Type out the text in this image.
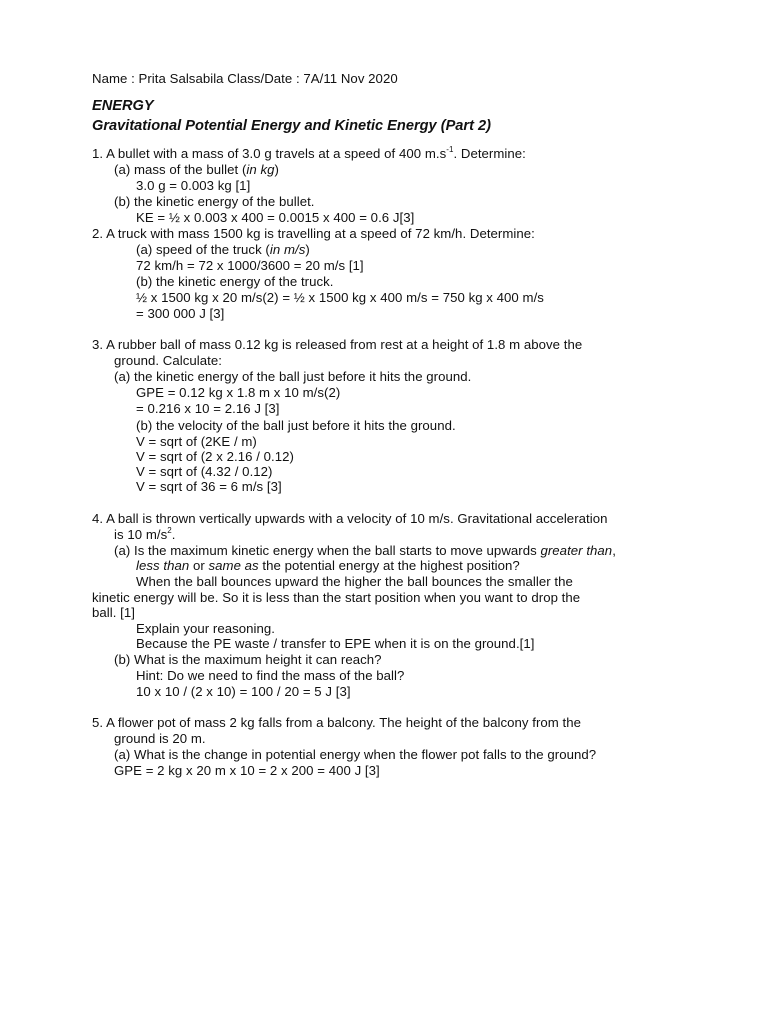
Name : Prita Salsabila Class/Date : 7A/11 Nov 2020
ENERGY
Gravitational Potential Energy and Kinetic Energy (Part 2)
1. A bullet with a mass of 3.0 g travels at a speed of 400 $m.s^{-1}$. Determine:
(a) mass of the bullet (in kg)
3.0 g = 0.003 kg [1]
(b) the kinetic energy of the bullet.
KE = ½ x 0.003 x 400 = 0.0015 x 400 = 0.6 J[3]
2. A truck with mass 1500 kg is travelling at a speed of 72 km/h. Determine:
(a) speed of the truck (in m/s)
72 km/h = 72 x 1000/3600 = 20 m/s [1]
(b) the kinetic energy of the truck.
½ x 1500 kg x 20 m/s(2) = ½ x 1500 kg x 400 m/s = 750 kg x 400 m/s
= 300 000 J [3]
3. A rubber ball of mass 0.12 kg is released from rest at a height of 1.8 m above the
ground. Calculate:
(a) the kinetic energy of the ball just before it hits the ground.
GPE = 0.12 kg x 1.8 m x 10 m/s(2)
= 0.216 x 10 = 2.16 J [3]
(b) the velocity of the ball just before it hits the ground.
V = sqrt of (2KE / m)
V = sqrt of (2 x 2.16 / 0.12)
V = sqrt of (4.32 / 0.12)
V = sqrt of 36 = 6 m/s [3]
4. A ball is thrown vertically upwards with a velocity of 10 m/s. Gravitational acceleration
is 10 $m/s^2$.
(a) Is the maximum kinetic energy when the ball starts to move upwards greater than,
less than or same as the potential energy at the highest position?
When the ball bounces upward the higher the ball bounces the smaller the
kinetic energy will be. So it is less than the start position when you want to drop the
ball. [1]
Explain your reasoning.
Because the PE waste / transfer to EPE when it is on the ground.[1]
(b) What is the maximum height it can reach?
Hint: Do we need to find the mass of the ball?
10 x 10 / (2 x 10) = 100 / 20 = 5 J [3]
5. A flower pot of mass 2 kg falls from a balcony. The height of the balcony from the
ground is 20 m.
(a) What is the change in potential energy when the flower pot falls to the ground?
GPE = 2 kg x 20 m x 10 = 2 x 200 = 400 J [3]
